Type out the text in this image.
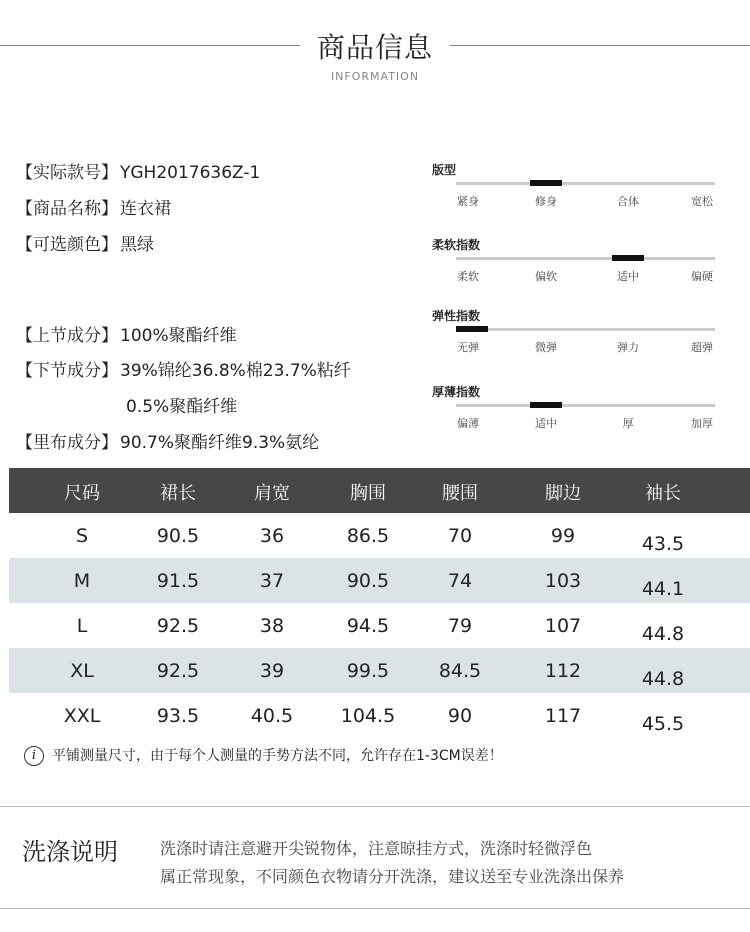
商品信息
INFORMATION
【实际款号】 YGH2017636Z-1
【商品名称】 连衣裙
【可选颜色】 黑绿
【上节成分】 100%聚酯纤维
【下节成分】 39%锦纶36.8%棉23.7%粘纤
0.5%聚酯纤维
【里布成分】 90.7%聚酯纤维9.3%氨纶
版型
紧身	修身	合体	宽松
柔软指数
柔软	偏软	适中	偏硬
弹性指数
无弹	微弹	弹力	超弹
厚薄指数
偏薄	适中	厚	加厚
尺码	裙长	肩宽	胸围	腰围	脚边	袖长
S	90.5	36	86.5	70	99	43.5
M	91.5	37	90.5	74	103	44.1
L	92.5	38	94.5	79	107	44.8
XL	92.5	39	99.5	84.5	112	44.8
XXL	93.5	40.5	104.5	90	117	45.5
i 平铺测量尺寸，由于每个人测量的手势方法不同，允许存在1-3CM误差！
洗涤说明	洗涤时请注意避开尖锐物体，注意晾挂方式，洗涤时轻微浮色
属正常现象，不同颜色衣物请分开洗涤，建议送至专业洗涤出保养
